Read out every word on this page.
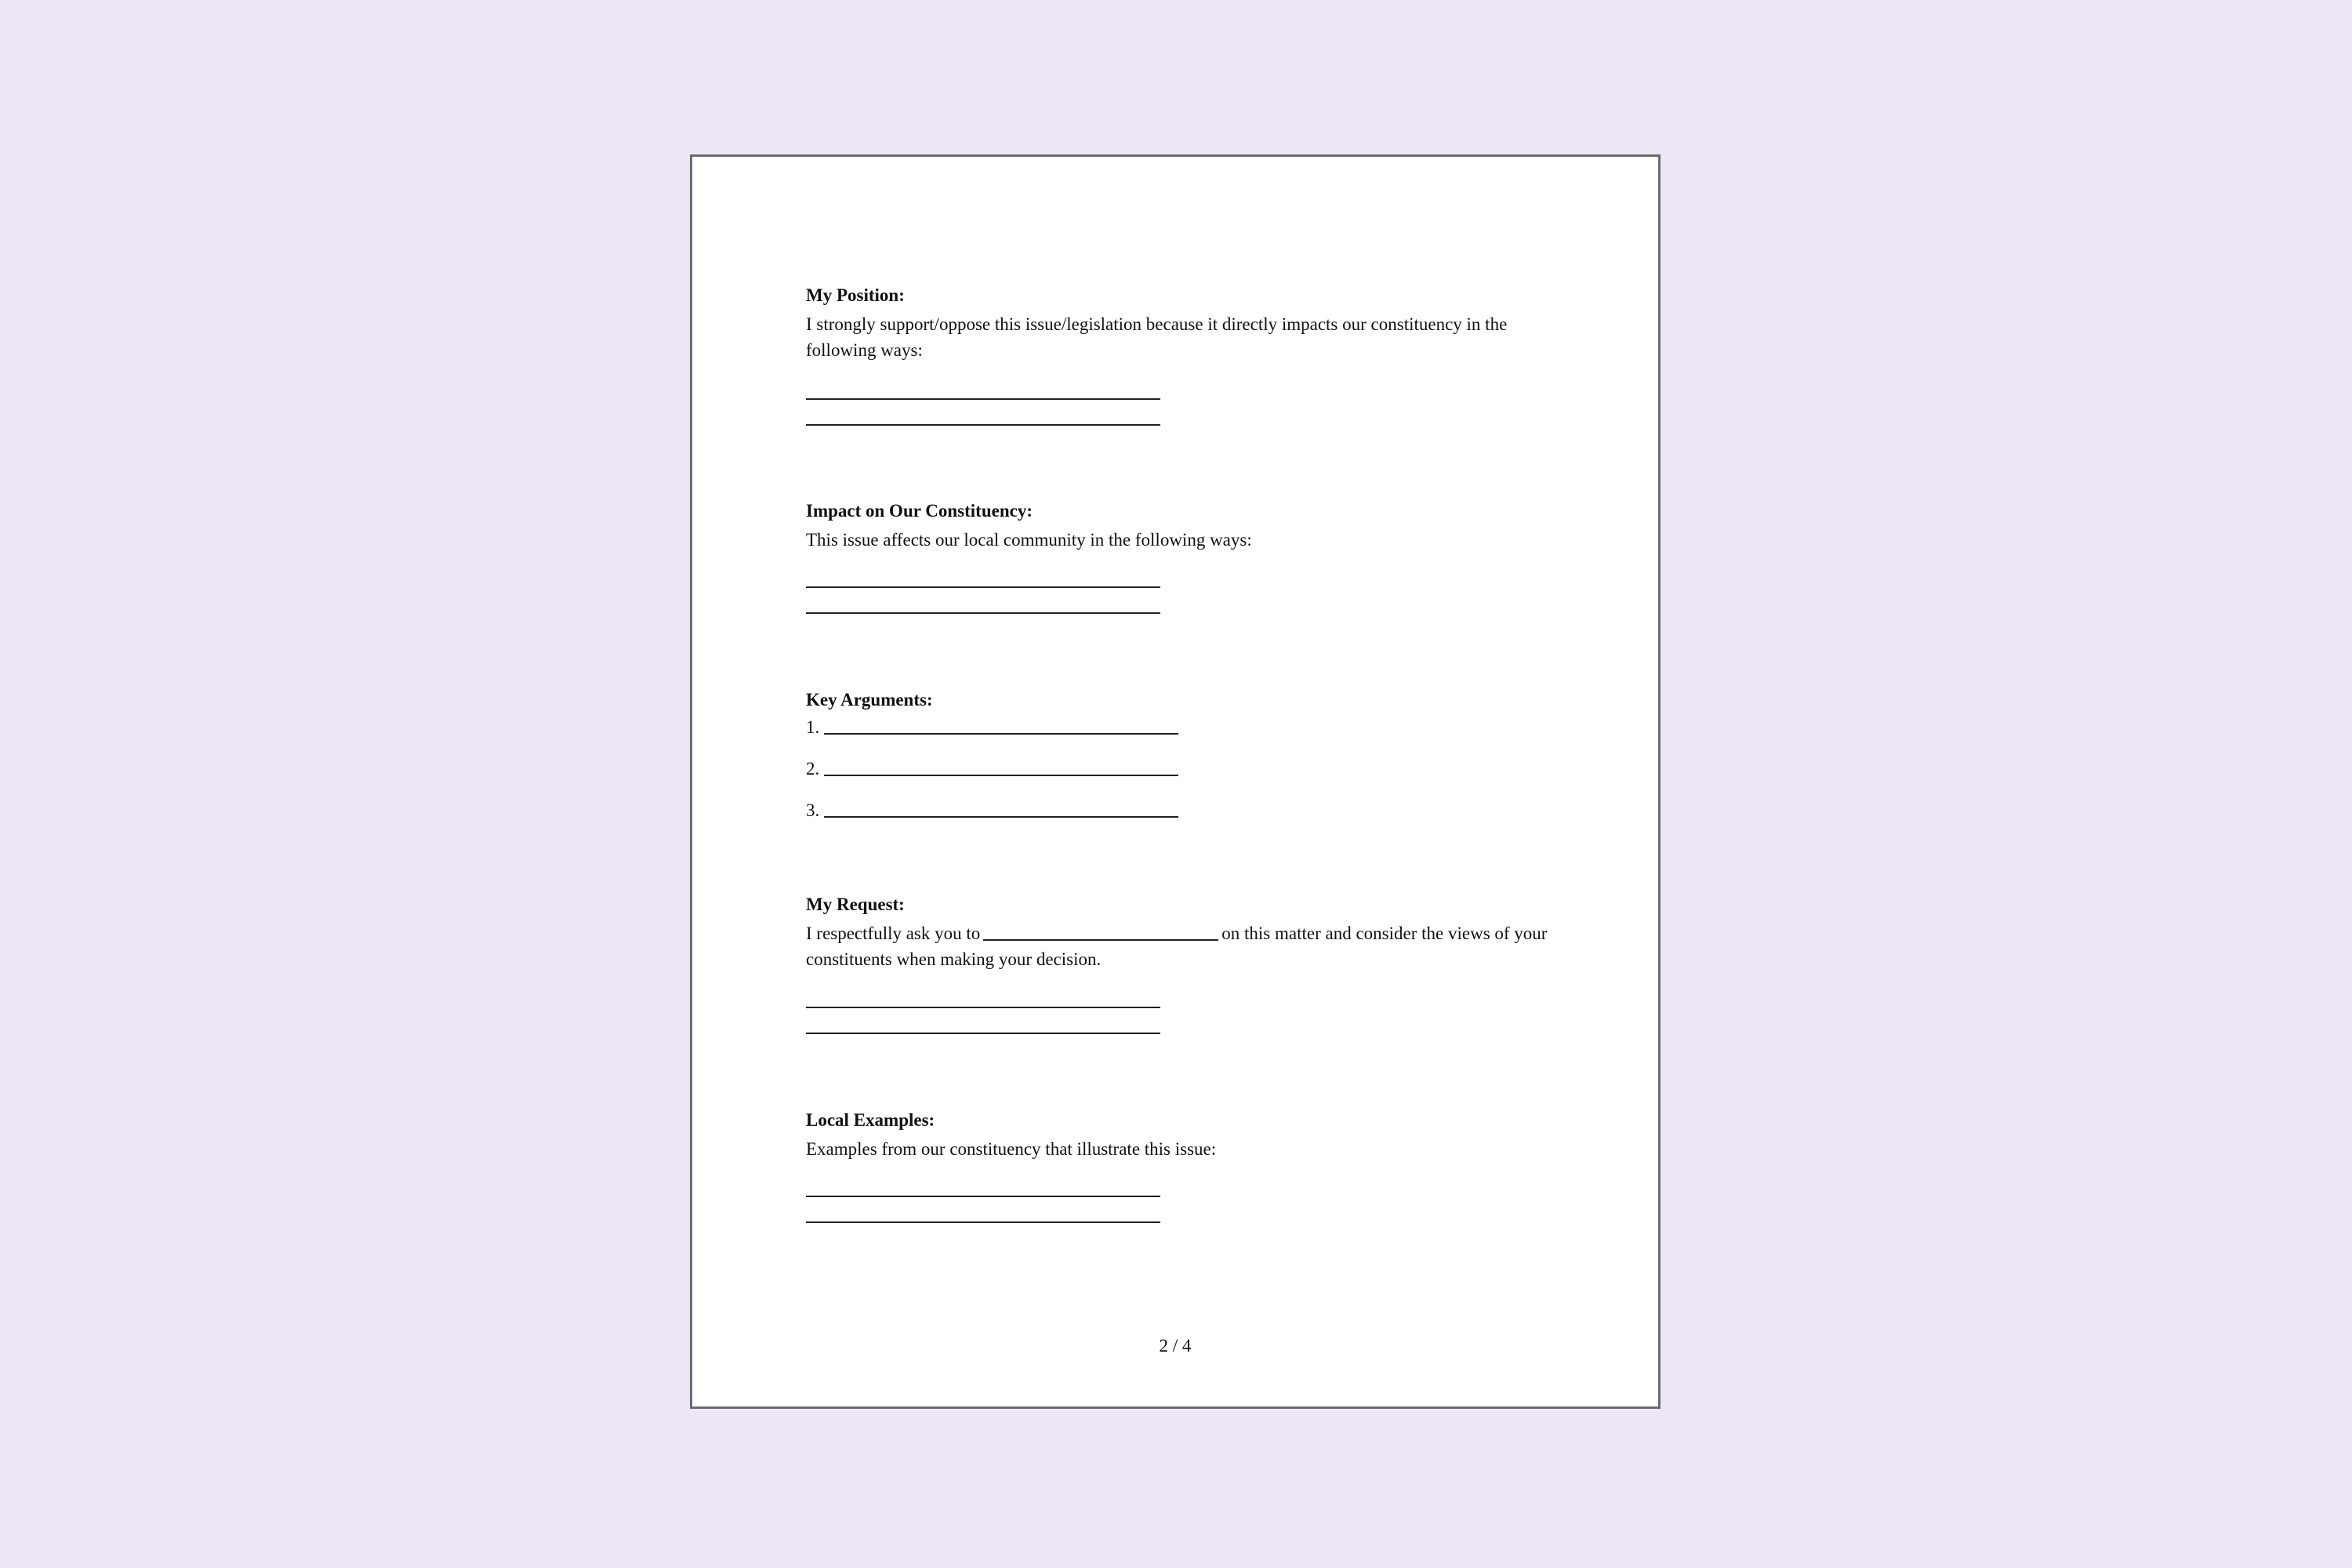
My Position:

I strongly support/oppose this issue/legislation because it directly impacts our constituency in the following ways:

Impact on Our Constituency:

This issue affects our local community in the following ways:

Key Arguments:
1.
2.
3.
My Request:

I respectfully ask you to	on this matter and consider the views of your constituents when making your decision.

Local Examples:

Examples from our constituency that illustrate this issue:

2 / 4
